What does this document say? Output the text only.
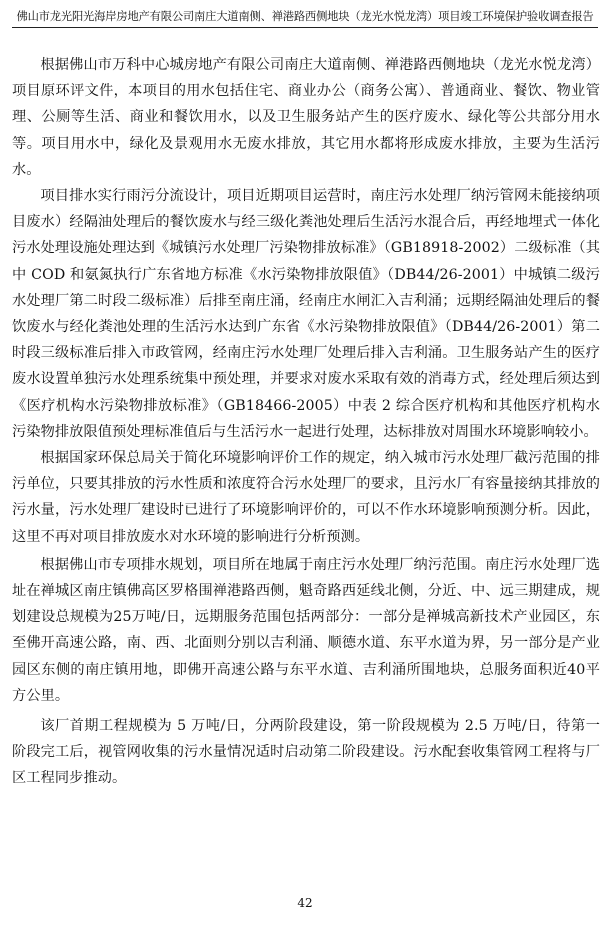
佛山市龙光阳光海岸房地产有限公司南庄大道南侧、禅港路西侧地块（龙光水悦龙湾）项目竣工环境保护验收调查报告

根据佛山市万科中心城房地产有限公司南庄大道南侧、禅港路西侧地块（龙光水悦龙湾）项目原环评文件，本项目的用水包括住宅、商业办公（商务公寓）、普通商业、餐饮、物业管理、公厕等生活、商业和餐饮用水，以及卫生服务站产生的医疗废水、绿化等公共部分用水等。项目用水中，绿化及景观用水无废水排放，其它用水都将形成废水排放，主要为生活污水。

项目排水实行雨污分流设计，项目近期项目运营时，南庄污水处理厂纳污管网未能接纳项目废水）经隔油处理后的餐饮废水与经三级化粪池处理后生活污水混合后，再经地埋式一体化污水处理设施处理达到《城镇污水处理厂污染物排放标准》（GB18918-2002）二级标准（其中 COD 和氨氮执行广东省地方标准《水污染物排放限值》（DB44/26-2001）中城镇二级污水处理厂第二时段二级标准）后排至南庄涌，经南庄水闸汇入吉利涌；远期经隔油处理后的餐饮废水与经化粪池处理的生活污水达到广东省《水污染物排放限值》（DB44/26-2001）第二时段三级标准后排入市政管网，经南庄污水处理厂处理后排入吉利涌。卫生服务站产生的医疗废水设置单独污水处理系统集中预处理，并要求对废水采取有效的消毒方式，经处理后须达到《医疗机构水污染物排放标准》（GB18466-2005）中表 2 综合医疗机构和其他医疗机构水污染物排放限值预处理标准值后与生活污水一起进行处理，达标排放对周围水环境影响较小。

根据国家环保总局关于简化环境影响评价工作的规定，纳入城市污水处理厂截污范围的排污单位，只要其排放的污水性质和浓度符合污水处理厂的要求，且污水厂有容量接纳其排放的污水量，污水处理厂建设时已进行了环境影响评价的，可以不作水环境影响预测分析。因此，这里不再对项目排放废水对水环境的影响进行分析预测。

根据佛山市专项排水规划，项目所在地属于南庄污水处理厂纳污范围。南庄污水处理厂选址在禅城区南庄镇佛高区罗格围禅港路西侧，魁奇路西延线北侧，分近、中、远三期建成，规划建设总规模为25万吨/日，远期服务范围包括两部分：一部分是禅城高新技术产业园区，东至佛开高速公路，南、西、北面则分别以吉利涌、顺德水道、东平水道为界，另一部分是产业园区东侧的南庄镇用地，即佛开高速公路与东平水道、吉利涌所围地块，总服务面积近40平方公里。

该厂首期工程规模为 5 万吨/日，分两阶段建设，第一阶段规模为 2.5 万吨/日，待第一阶段完工后，视管网收集的污水量情况适时启动第二阶段建设。污水配套收集管网工程将与厂区工程同步推动。

42
